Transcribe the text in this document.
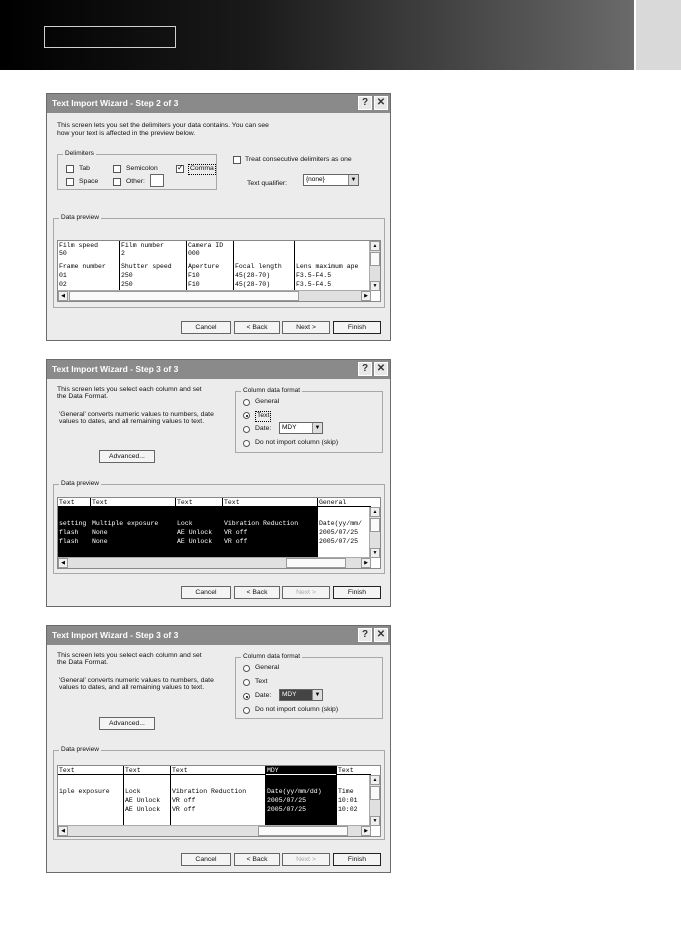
Text Import Wizard - Step 2 of 3	? ✕
This screen lets you set the delimiters your data contains. You can see
how your text is affected in the preview below.
Delimiters
Tab	Semicolon
✓	Comma
Space	Other:
Treat consecutive delimiters as one
Text qualifier:
{none}	▼
Data preview
Film speed
50
Frame number
01
02
Film number
2
Shutter speed
250
250
Camera ID
000
Aperture
F10
F10
Focal length
45(28-70)
45(28-70)
Lens maximum ape
F3.5-F4.5
F3.5-F4.5
▲
▼
◀	▶
Cancel	< Back	Next >	Finish
Text Import Wizard - Step 3 of 3	? ✕
This screen lets you select each column and set
the Data Format.
'General' converts numeric values to numbers, date
values to dates, and all remaining values to text.
Advanced...
Column data format
General
Text
Date:	MDY	▼
Do not import column (skip)
Data preview
Text
setting
flash
flash
Text
Multiple exposure
None
None
Text
Lock
AE Unlock
AE Unlock
Text
Vibration Reduction
VR off
VR off
General
Date(yy/mm/
2005/07/25
2005/07/25
▲
▼
◀	▶
Cancel	< Back	Next >	Finish
Text Import Wizard - Step 3 of 3	? ✕
This screen lets you select each column and set
the Data Format.
'General' converts numeric values to numbers, date
values to dates, and all remaining values to text.
Advanced...
Column data format
General
Text
Date:	MDY	▼
Do not import column (skip)
Data preview
Text
iple exposure
Text
Lock
AE Unlock
AE Unlock
Text
Vibration Reduction
VR off
VR off
MDY
Date(yy/mm/dd)
2005/07/25
2005/07/25
Text
Time
10:01
10:02
▲
▼
◀	▶
Cancel	< Back	Next >	Finish
